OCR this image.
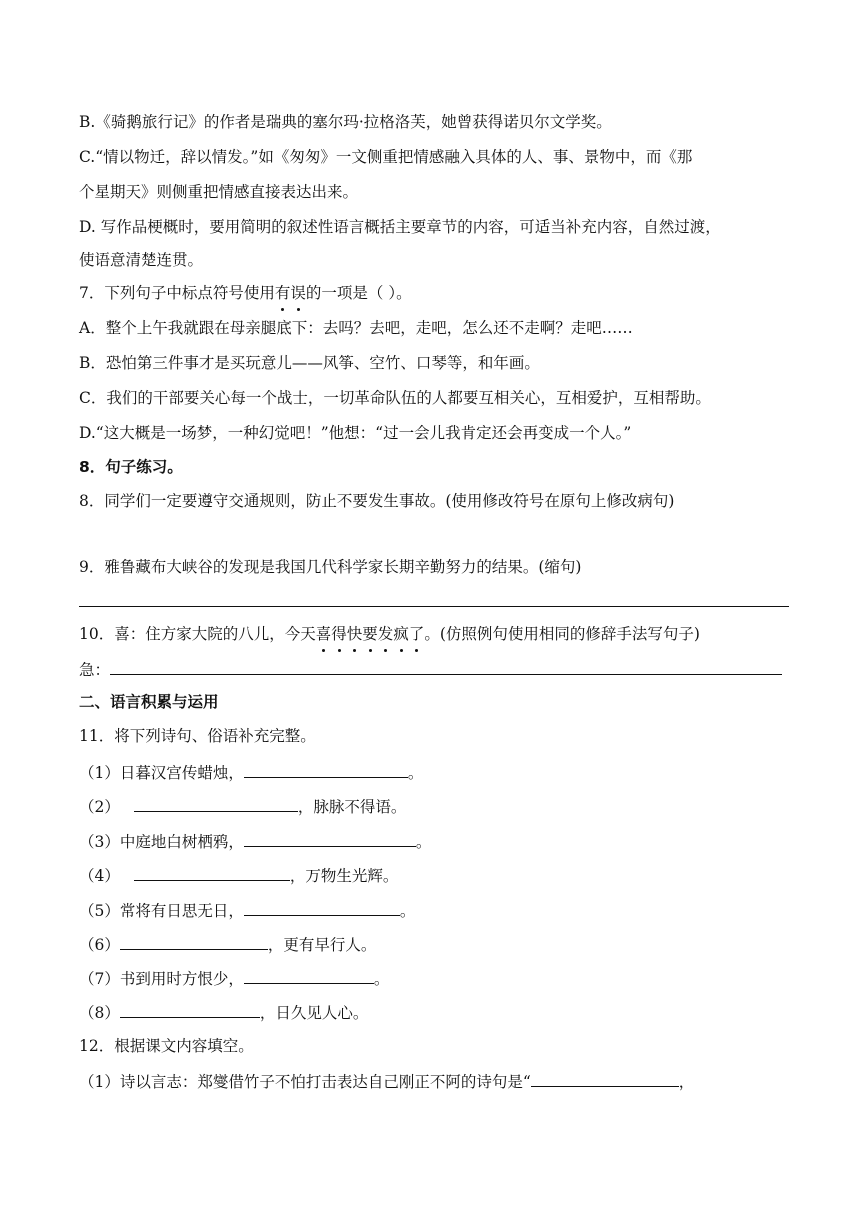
B.《骑鹅旅行记》的作者是瑞典的塞尔玛·拉格洛芙，她曾获得诺贝尔文学奖。
C.“情以物迁，辞以情发。”如《匆匆》一文侧重把情感融入具体的人、事、景物中，而《那
个星期天》则侧重把情感直接表达出来。
D. 写作品梗概时，要用简明的叙述性语言概括主要章节的内容，可适当补充内容，自然过渡，
使语意清楚连贯。
7．下列句子中标点符号使用有误的一项是（ ）。
A．整个上午我就跟在母亲腿底下：去吗？去吧，走吧，怎么还不走啊？走吧……
B．恐怕第三件事才是买玩意儿——风筝、空竹、口琴等，和年画。
C．我们的干部要关心每一个战士，一切革命队伍的人都要互相关心，互相爱护，互相帮助。
D.“这大概是一场梦，一种幻觉吧！”他想：“过一会儿我肯定还会再变成一个人。”
8．句子练习。
8．同学们一定要遵守交通规则，防止不要发生事故。(使用修改符号在原句上修改病句)
9．雅鲁藏布大峡谷的发现是我国几代科学家长期辛勤努力的结果。(缩句)
10．喜：住方家大院的八儿，今天喜得快要发疯了。(仿照例句使用相同的修辞手法写句子)
急：
二、语言积累与运用
11．将下列诗句、俗语补充完整。
（1）日暮汉宫传蜡烛，	。
（2）	，脉脉不得语。
（3）中庭地白树栖鸦，	。
（4）	，万物生光辉。
（5）常将有日思无日，	。
（6）	，更有早行人。
（7）书到用时方恨少，	。
（8）	，日久见人心。
12．根据课文内容填空。
（1）诗以言志：郑燮借竹子不怕打击表达自己刚正不阿的诗句是“	，
